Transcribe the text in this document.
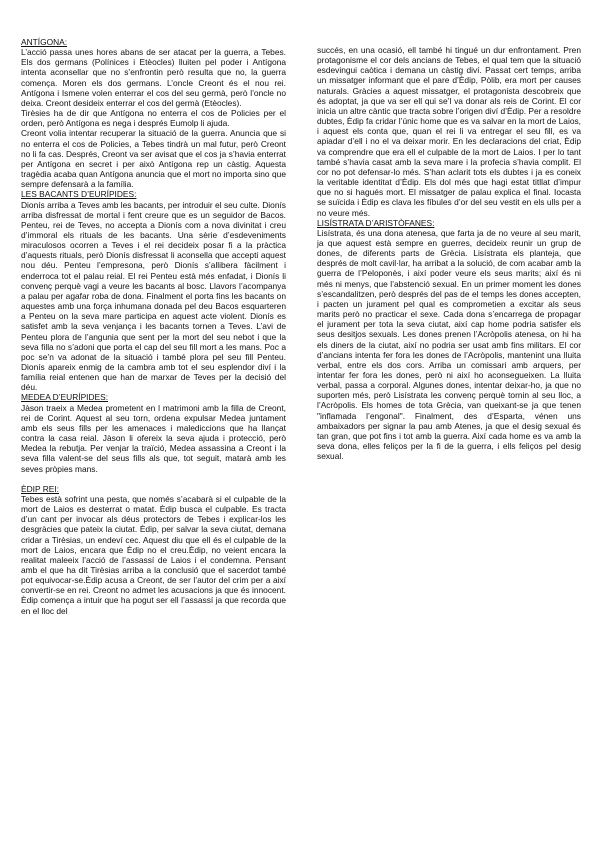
ANTÍGONA:

L’acció passa unes hores abans de ser atacat per la guerra, a Tebes. Els dos germans (Polínices i Etèocles) lluiten pel poder i Antígona intenta aconsellar que no s’enfrontin però resulta que no, la guerra comença. Moren els dos germans. L’oncle Creont és el nou rei. Antígona i Ismene volen enterrar el cos del seu germà, però l’oncle no deixa. Creont desideix enterrar el cos del germà (Etèocles).

Tirèsies ha de dir que Antígona no enterra el cos de Policies per el orden, però Antígona es nega i després Eumolp li ajuda.

Creont volia intentar recuperar la situació de la guerra. Anuncia que si no enterra el cos de Policies, a Tebes tindrà un mal futur, però Creont no li fa cas. Després, Creont va ser avisat que el cos ja s’havia enterrat per Antígona en secret i per això Antígona rep un càstig. Aquesta tragèdia acaba quan Antígona anuncia que el mort no importa sino que sempre defensarà a la família.

LES BACANTS D’EURÍPIDES:

Dionís arriba a Teves amb les bacants, per introduir el seu culte. Dionís arriba disfressat de mortal i fent creure que es un seguidor de Bacos. Penteu, rei de Teves, no accepta a Dionís com a nova divinitat i creu d’immoral els rituals de les bacants. Una sèrie d’esdeveniments miraculosos ocorren a Teves i el rei decideix posar fi a la pràctica d’aquests rituals, però Dionís disfressat li aconsella que accepti aquest nou déu. Penteu l’empresona, però Dionís s’allibera fàcilment i enderroca tot el palau reial. El rei Penteu està més enfadat, i Dionís li convenç perquè vagi a veure les bacants al bosc. Llavors l’acompanya a palau per agafar roba de dona. Finalment el porta fins les bacants on aquestes amb una força inhumana donada pel deu Bacos esquarteren a Penteu on la seva mare participa en aquest acte violent. Dionís es satisfet amb la seva venjança i les bacants tornen a Teves. L’avi de Penteu plora de l’angunia que sent per la mort del seu nebot i que la seva filla no s’adoni que porta el cap del seu fill mort a les mans. Poc a poc se’n va adonat de la situació i també plora pel seu fill Penteu. Dionís apareix enmig de la cambra amb tot el seu esplendor diví i la família reial entenen que han de marxar de Teves per la decisió del déu.

MEDEA D’EURÍPIDES:

Jàson traeix a Medea prometent en l matrimoni amb la filla de Creont, rei de Corint. Aquest al seu torn, ordena expulsar Medea juntament amb els seus fills per les amenaces i malediccions que ha llançat contra la casa reial. Jàson li ofereix la seva ajuda i protecció, però Medea la rebutja. Per venjar la traïció, Medea assassina a Creont i la seva filla valent-se del seus fills als que, tot seguit, matarà amb les seves pròpies mans.

ÈDIP REI:

Tebes està sofrint una pesta, que només s’acabarà si el culpable de la mort de Laios es desterrat o matat. Èdip busca el culpable. Es tracta d’un cant per invocar als déus protectors de Tebes i explicar-los les desgràcies que pateix la ciutat. Èdip, per salvar la seva ciutat, demana cridar a Tirèsias, un endeví cec. Aquest diu que ell és el culpable de la mort de Laios, encara que Èdip no el creu.Èdip, no veient encara la realitat maleeix l’acció de l’assassí de Laios i el condemna. Pensant amb el que ha dit Tirèsias arriba a la conclusió que el sacerdot també pot equivocar-se.Èdip acusa a Creont, de ser l’autor del crim per a així convertir-se en rei. Creont no admet les acusacions ja que és innocent. Èdip comença a intuir que ha pogut ser ell l’assassí ja que recorda que en el lloc del

succés, en una ocasió, ell també hi tingué un dur enfrontament. Pren protagonisme el cor dels ancians de Tebes, el qual tem que la situació esdevingui caòtica i demana un càstig diví. Passat cert temps, arriba un missatger informant que el pare d’Èdip, Pòlib, era mort per causes naturals. Gràcies a aquest missatger, el protagonista descobreix que és adoptat, ja que va ser ell qui se’l va donar als reis de Corint. El cor inicia un altre càntic que tracta sobre l’origen diví d’Èdip. Per a resoldre dubtes, Èdip fa cridar l’únic home que es va salvar en la mort de Laios, i aquest els conta que, quan el rei li va entregar el seu fill, es va apiadar d’ell i no el va deixar morir. En les declaracions del criat, Èdip va comprendre que era ell el culpable de la mort de Laios. I per lo tant també s’havia casat amb la seva mare i la profecia s’havia complit. El cor no pot defensar-lo més. S’han aclarit tots els dubtes i ja es coneix la veritable identitat d’Èdip. Els dol més que hagi estat titllat d’impur que no si hagués mort. El missatger de palau explica el final. Iocasta se suïcida i Èdip es clava les fíbules d’or del seu vestit en els ulls per a no veure més.

LISÍSTRATA D’ARISTÒFANES:

Lisístrata, és una dona atenesa, que farta ja de no veure al seu marit, ja que aquest està sempre en guerres, decideix reunir un grup de dones, de diferents parts de Grècia. Lisístrata els planteja, que després de molt cavil·lar, ha arribat a la solució, de com acabar amb la guerra de l’Peloponès, i així poder veure els seus marits; així és ni més ni menys, que l’abstenció sexual. En un primer moment les dones s’escandalitzen, però després del pas de el temps les dones accepten, i pacten un jurament pel qual es comprometien a excitar als seus marits però no practicar el sexe. Cada dona s’encarrega de propagar el jurament per tota la seva ciutat, així cap home podria satisfer els seus desitjos sexuals. Les dones prenen l’Acròpolis atenesa, on hi ha els diners de la ciutat, així no podria ser usat amb fins militars. El cor d’ancians intenta fer fora les dones de l’Acròpolis, mantenint una lluita verbal, entre els dos cors. Arriba un comissari amb arquers, per intentar fer fora les dones, però ni així ho aconsegueixen. La lluita verbal, passa a corporal. Algunes dones, intentar deixar-ho, ja que no suporten més, però Lisístrata les convenç perquè tornin al seu lloc, a l’Acròpolis. Els homes de tota Grècia, van queixant-se ja que tenen "inflamada l’engonal". Finalment, des d’Esparta, vénen uns ambaixadors per signar la pau amb Atenes, ja que el desig sexual és tan gran, que pot fins i tot amb la guerra. Així cada home es va amb la seva dona, elles feliços per la fi de la guerra, i ells feliços pel desig sexual.
